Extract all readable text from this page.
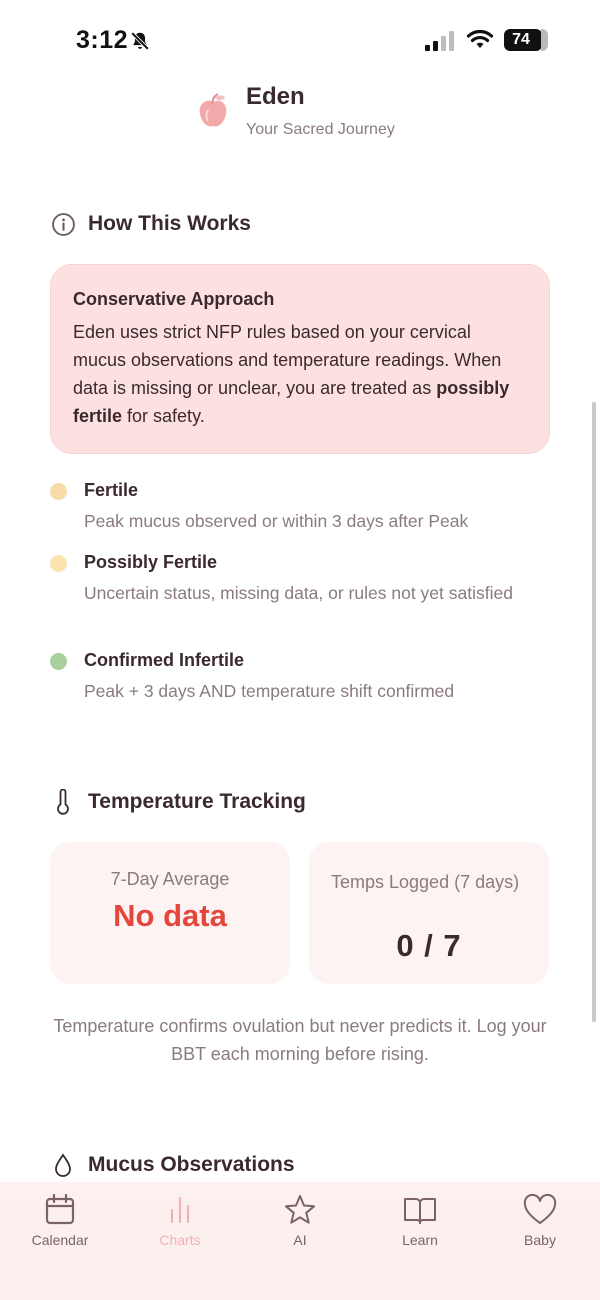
3:12	74
Eden
Your Sacred Journey
How This Works
Conservative Approach
Eden uses strict NFP rules based on your cervical mucus observations and temperature readings. When data is missing or unclear, you are treated as possibly fertile for safety.
Fertile
Peak mucus observed or within 3 days after Peak
Possibly Fertile
Uncertain status, missing data, or rules not yet satisfied
Confirmed Infertile
Peak + 3 days AND temperature shift confirmed
Temperature Tracking
7-Day Average
No data
Temps Logged (7 days)
0 / 7
Temperature confirms ovulation but never predicts it. Log your BBT each morning before rising.
Mucus Observations
Calendar	Charts	AI	Learn	Baby
